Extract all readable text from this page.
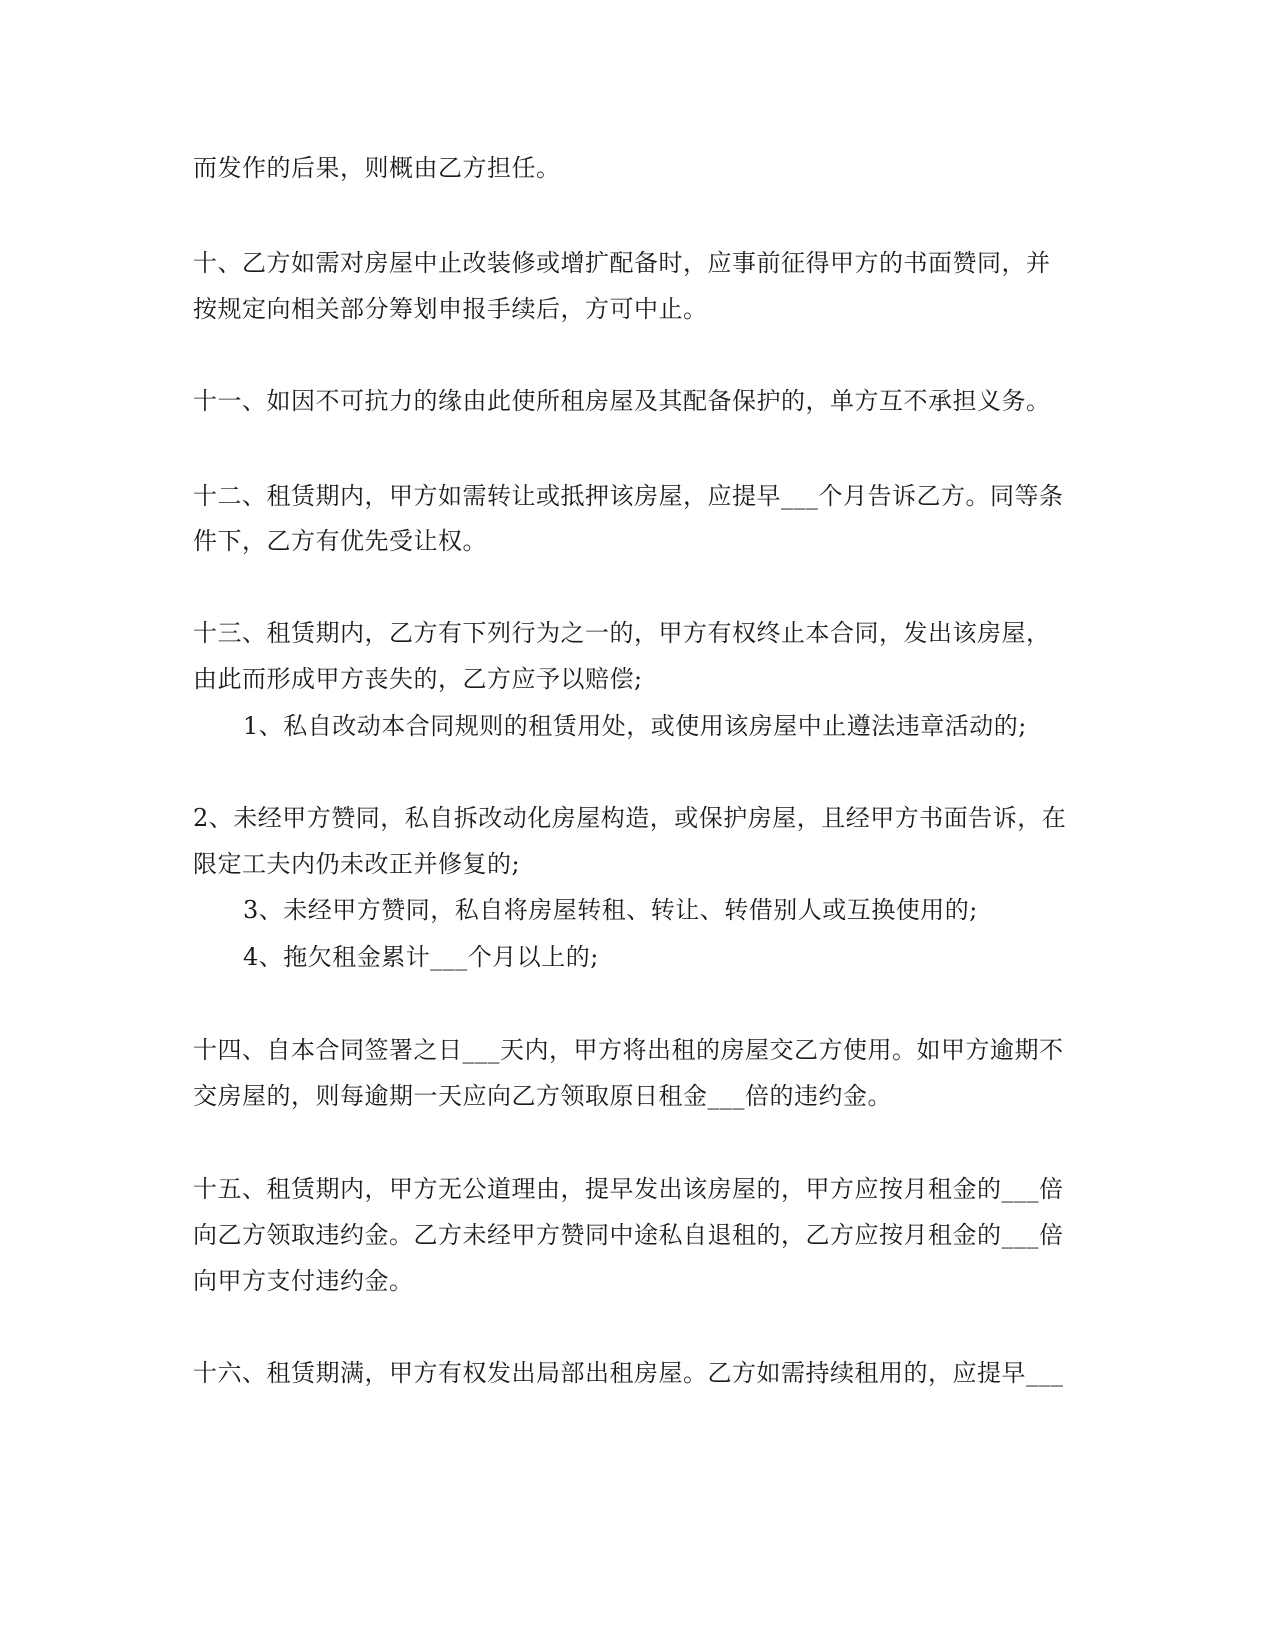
而发作的后果，则概由乙方担任。
十、乙方如需对房屋中止改装修或增扩配备时，应事前征得甲方的书面赞同，并
按规定向相关部分筹划申报手续后，方可中止。
十一、如因不可抗力的缘由此使所租房屋及其配备保护的，单方互不承担义务。
十二、租赁期内，甲方如需转让或抵押该房屋，应提早___个月告诉乙方。同等条
件下，乙方有优先受让权。
十三、租赁期内，乙方有下列行为之一的，甲方有权终止本合同，发出该房屋，
由此而形成甲方丧失的，乙方应予以赔偿;
1、私自改动本合同规则的租赁用处，或使用该房屋中止遵法违章活动的;
2、未经甲方赞同，私自拆改动化房屋构造，或保护房屋，且经甲方书面告诉，在
限定工夫内仍未改正并修复的;
3、未经甲方赞同，私自将房屋转租、转让、转借别人或互换使用的;
4、拖欠租金累计___个月以上的;
十四、自本合同签署之日___天内，甲方将出租的房屋交乙方使用。如甲方逾期不
交房屋的，则每逾期一天应向乙方领取原日租金___倍的违约金。
十五、租赁期内，甲方无公道理由，提早发出该房屋的，甲方应按月租金的___倍
向乙方领取违约金。乙方未经甲方赞同中途私自退租的，乙方应按月租金的___倍
向甲方支付违约金。
十六、租赁期满，甲方有权发出局部出租房屋。乙方如需持续租用的，应提早___
